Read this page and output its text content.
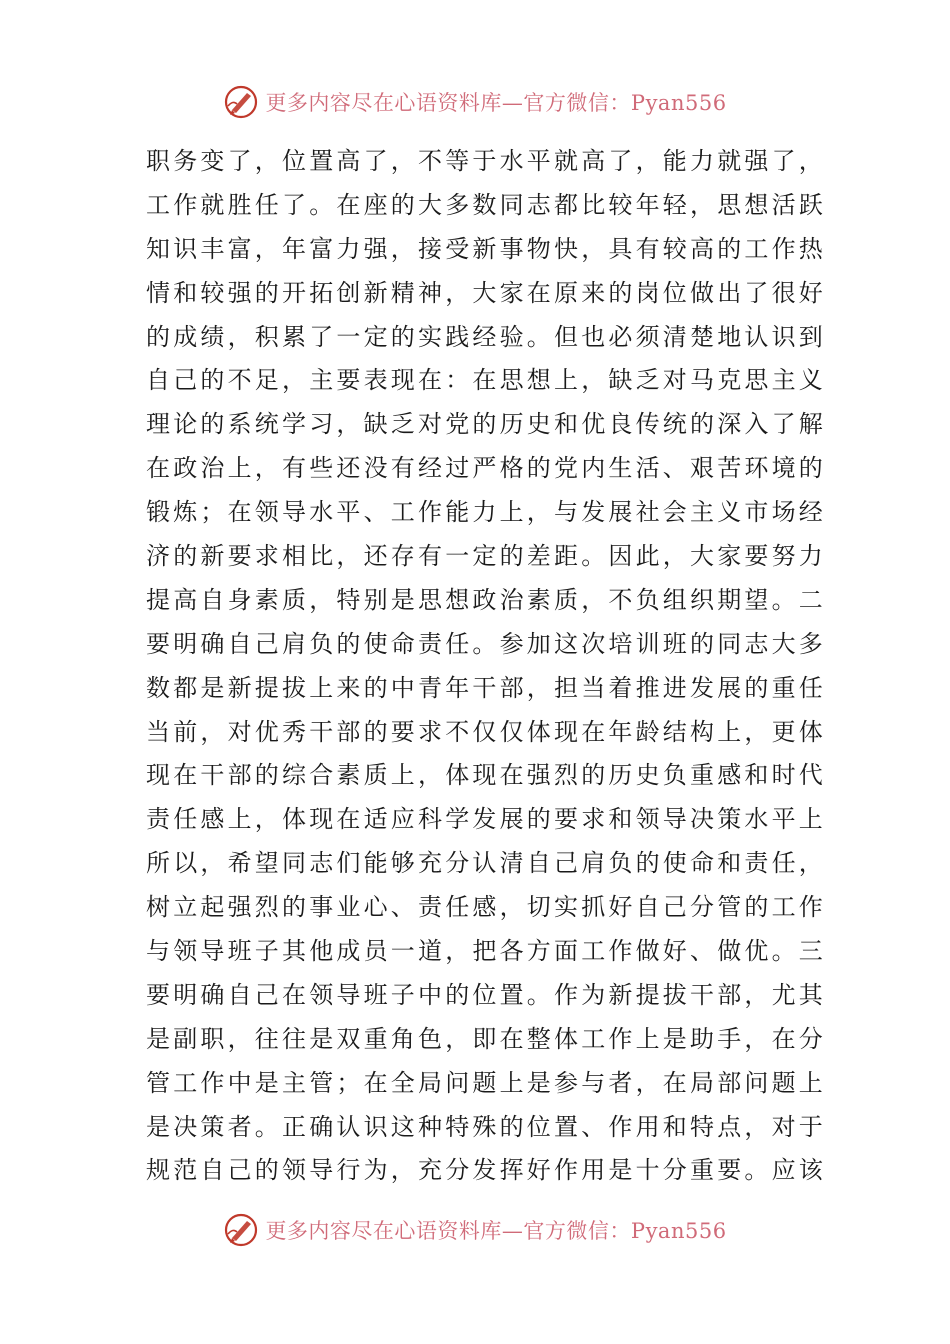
更多内容尽在心语资料库—官方微信：Pyan556
职务变了，位置高了，不等于水平就高了，能力就强了，
工作就胜任了。在座的大多数同志都比较年轻，思想活跃
知识丰富，年富力强，接受新事物快，具有较高的工作热
情和较强的开拓创新精神，大家在原来的岗位做出了很好
的成绩，积累了一定的实践经验。但也必须清楚地认识到
自己的不足，主要表现在：在思想上，缺乏对马克思主义
理论的系统学习，缺乏对党的历史和优良传统的深入了解
在政治上，有些还没有经过严格的党内生活、艰苦环境的
锻炼；在领导水平、工作能力上，与发展社会主义市场经
济的新要求相比，还存有一定的差距。因此，大家要努力
提高自身素质，特别是思想政治素质，不负组织期望。二
要明确自己肩负的使命责任。参加这次培训班的同志大多
数都是新提拔上来的中青年干部，担当着推进发展的重任
当前，对优秀干部的要求不仅仅体现在年龄结构上，更体
现在干部的综合素质上，体现在强烈的历史负重感和时代
责任感上，体现在适应科学发展的要求和领导决策水平上
所以，希望同志们能够充分认清自己肩负的使命和责任，
树立起强烈的事业心、责任感，切实抓好自己分管的工作
与领导班子其他成员一道，把各方面工作做好、做优。三
要明确自己在领导班子中的位置。作为新提拔干部，尤其
是副职，往往是双重角色，即在整体工作上是助手，在分
管工作中是主管；在全局问题上是参与者，在局部问题上
是决策者。正确认识这种特殊的位置、作用和特点，对于
规范自己的领导行为，充分发挥好作用是十分重要。应该
更多内容尽在心语资料库—官方微信：Pyan556
